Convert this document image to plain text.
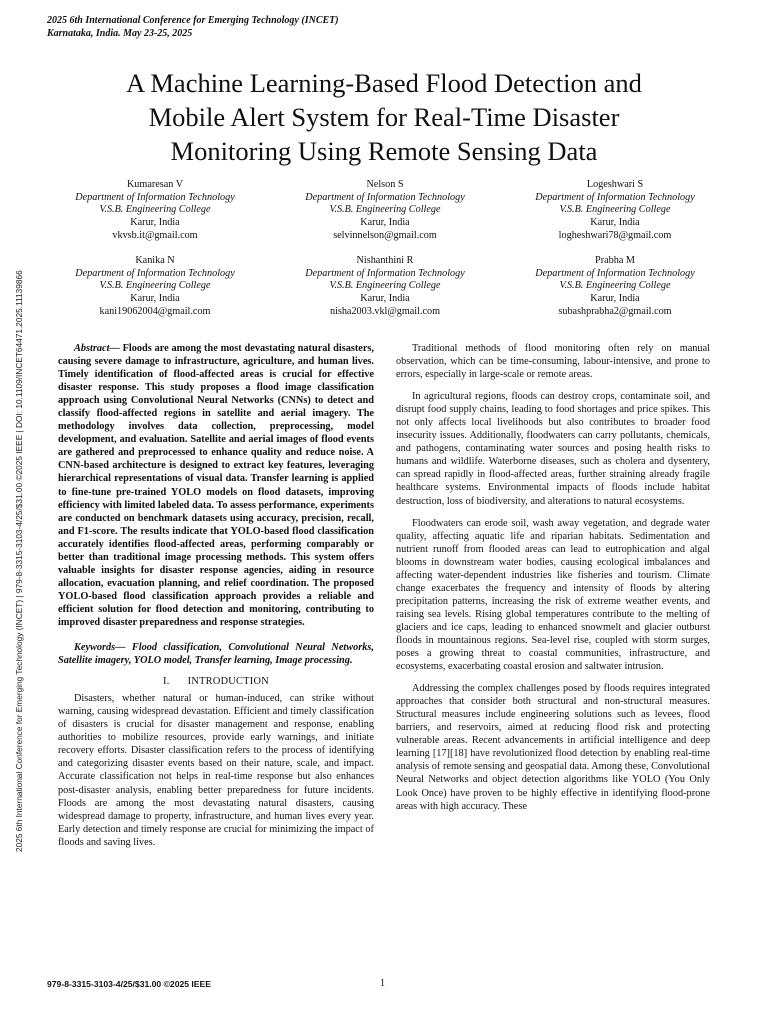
2025 6th International Conference for Emerging Technology (INCET)
Karnataka, India. May 23-25, 2025
A Machine Learning-Based Flood Detection and
Mobile Alert System for Real-Time Disaster
Monitoring Using Remote Sensing Data
Kumaresan V
Department of Information Technology
V.S.B. Engineering College
Karur, India
vkvsb.it@gmail.com
Nelson S
Department of Information Technology
V.S.B. Engineering College
Karur, India
selvinnelson@gmail.com
Logeshwari S
Department of Information Technology
V.S.B. Engineering College
Karur, India
logheshwari78@gmail.com
Kanika N
Department of Information Technology
V.S.B. Engineering College
Karur, India
kani19062004@gmail.com
Nishanthini R
Department of Information Technology
V.S.B. Engineering College
Karur, India
nisha2003.vkl@gmail.com
Prabha M
Department of Information Technology
V.S.B. Engineering College
Karur, India
subashprabha2@gmail.com
2025 6th International Conference for Emerging Technology (INCET) | 979-8-3315-3103-4/25/$31.00 ©2025 IEEE | DOI: 10.1109/INCET64471.2025.11139866	Abstract— Floods are among the most devastating natural disasters, causing severe damage to infrastructure, agriculture, and human lives. Timely identification of flood-affected areas is crucial for effective disaster response. This study proposes a flood image classification approach using Convolutional Neural Networks (CNNs) to detect and classify flood-affected regions in satellite and aerial imagery. The methodology involves data collection, preprocessing, model development, and evaluation. Satellite and aerial images of flood events are gathered and preprocessed to enhance quality and reduce noise. A CNN-based architecture is designed to extract key features, leveraging hierarchical representations of visual data. Transfer learning is applied to fine-tune pre-trained YOLO models on flood datasets, improving efficiency with limited labeled data. To assess performance, experiments are conducted on benchmark datasets using accuracy, precision, recall, and F1-score. The results indicate that YOLO-based flood classification accurately identifies flood-affected areas, performing comparably or better than traditional image processing methods. This system offers valuable insights for disaster response agencies, aiding in resource allocation, evacuation planning, and relief coordination. The proposed YOLO-based flood classification approach provides a reliable and efficient solution for flood detection and monitoring, contributing to improved disaster preparedness and response strategies.

Keywords— Flood classification, Convolutional Neural Networks, Satellite imagery, YOLO model, Transfer learning, Image processing.

I. INTRODUCTION

Disasters, whether natural or human-induced, can strike without warning, causing widespread devastation. Efficient and timely classification of disasters is crucial for disaster management and response, enabling authorities to mobilize resources, provide early warnings, and initiate recovery efforts. Disaster classification refers to the process of identifying and categorizing disaster events based on their nature, scale, and impact. Accurate classification not helps in real-time response but also enhances post-disaster analysis, enabling better preparedness for future incidents. Floods are among the most devastating natural disasters, causing widespread damage to property, infrastructure, and human lives every year. Early detection and timely response are crucial for minimizing the impact of floods and saving lives.

Traditional methods of flood monitoring often rely on manual observation, which can be time-consuming, labour-intensive, and prone to errors, especially in large-scale or remote areas.

In agricultural regions, floods can destroy crops, contaminate soil, and disrupt food supply chains, leading to food shortages and price spikes. This not only affects local livelihoods but also contributes to broader food insecurity issues. Additionally, floodwaters can carry pollutants, chemicals, and pathogens, contaminating water sources and posing health risks to humans and wildlife. Waterborne diseases, such as cholera and dysentery, can spread rapidly in flood-affected areas, further straining already fragile healthcare systems. Environmental impacts of floods include habitat destruction, loss of biodiversity, and alterations to natural ecosystems.

Floodwaters can erode soil, wash away vegetation, and degrade water quality, affecting aquatic life and riparian habitats. Sedimentation and nutrient runoff from flooded areas can lead to eutrophication and algal blooms in downstream water bodies, causing ecological imbalances and affecting water-dependent industries like fisheries and tourism. Climate change exacerbates the frequency and intensity of floods by altering precipitation patterns, increasing the risk of extreme weather events, and raising sea levels. Rising global temperatures contribute to the melting of glaciers and ice caps, leading to enhanced snowmelt and glacier outburst floods in mountainous regions. Sea-level rise, coupled with storm surges, poses a growing threat to coastal communities, infrastructure, and ecosystems, exacerbating coastal erosion and saltwater intrusion.

Addressing the complex challenges posed by floods requires integrated approaches that consider both structural and non-structural measures. Structural measures include engineering solutions such as levees, flood barriers, and reservoirs, aimed at reducing flood risk and protecting vulnerable areas. Recent advancements in artificial intelligence and deep learning [17][18] have revolutionized flood detection by enabling real-time analysis of remote sensing and geospatial data. Among these, Convolutional Neural Networks and object detection algorithms like YOLO (You Only Look Once) have proven to be highly effective in identifying flood-prone areas with high accuracy. These

979-8-3315-3103-4/25/$31.00 ©2025 IEEE	1
